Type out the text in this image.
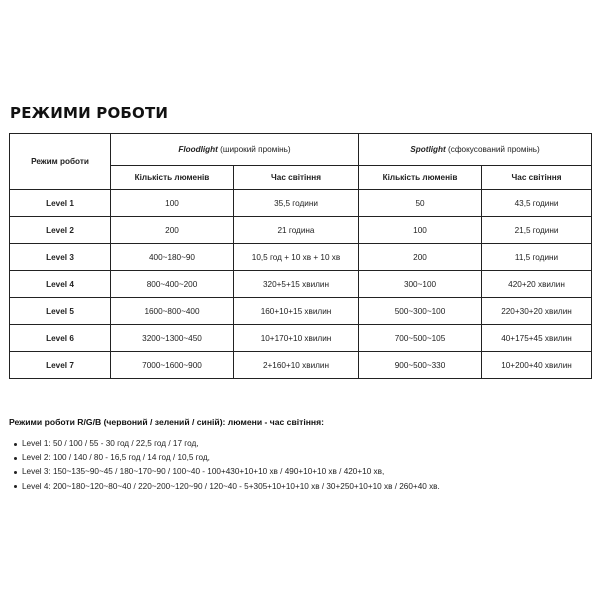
РЕЖИМИ РОБОТИ
Режим роботи	Floodlight (широкий промінь)		Spotlight (сфокусований промінь)	
	Кількість люменів	Час світіння	Кількість люменів	Час світіння
Level 1	100	35,5 години	50	43,5 години
Level 2	200	21 година	100	21,5 години
Level 3	400~180~90	10,5 год + 10 хв + 10 хв	200	11,5 години
Level 4	800~400~200	320+5+15 хвилин	300~100	420+20 хвилин
Level 5	1600~800~400	160+10+15 хвилин	500~300~100	220+30+20 хвилин
Level 6	3200~1300~450	10+170+10 хвилин	700~500~105	40+175+45 хвилин
Level 7	7000~1600~900	2+160+10 хвилин	900~500~330	10+200+40 хвилин
Режими роботи R/G/B (червоний / зелений / синій): люмени - час світіння:
Level 1: 50 / 100 / 55 - 30 год / 22,5 год / 17 год,
Level 2: 100 / 140 / 80 - 16,5 год / 14 год / 10,5 год,
Level 3: 150~135~90~45 / 180~170~90 / 100~40 - 100+430+10+10 хв / 490+10+10 хв / 420+10 хв,
Level 4: 200~180~120~80~40 / 220~200~120~90 / 120~40 - 5+305+10+10+10 хв / 30+250+10+10 хв / 260+40 хв.
